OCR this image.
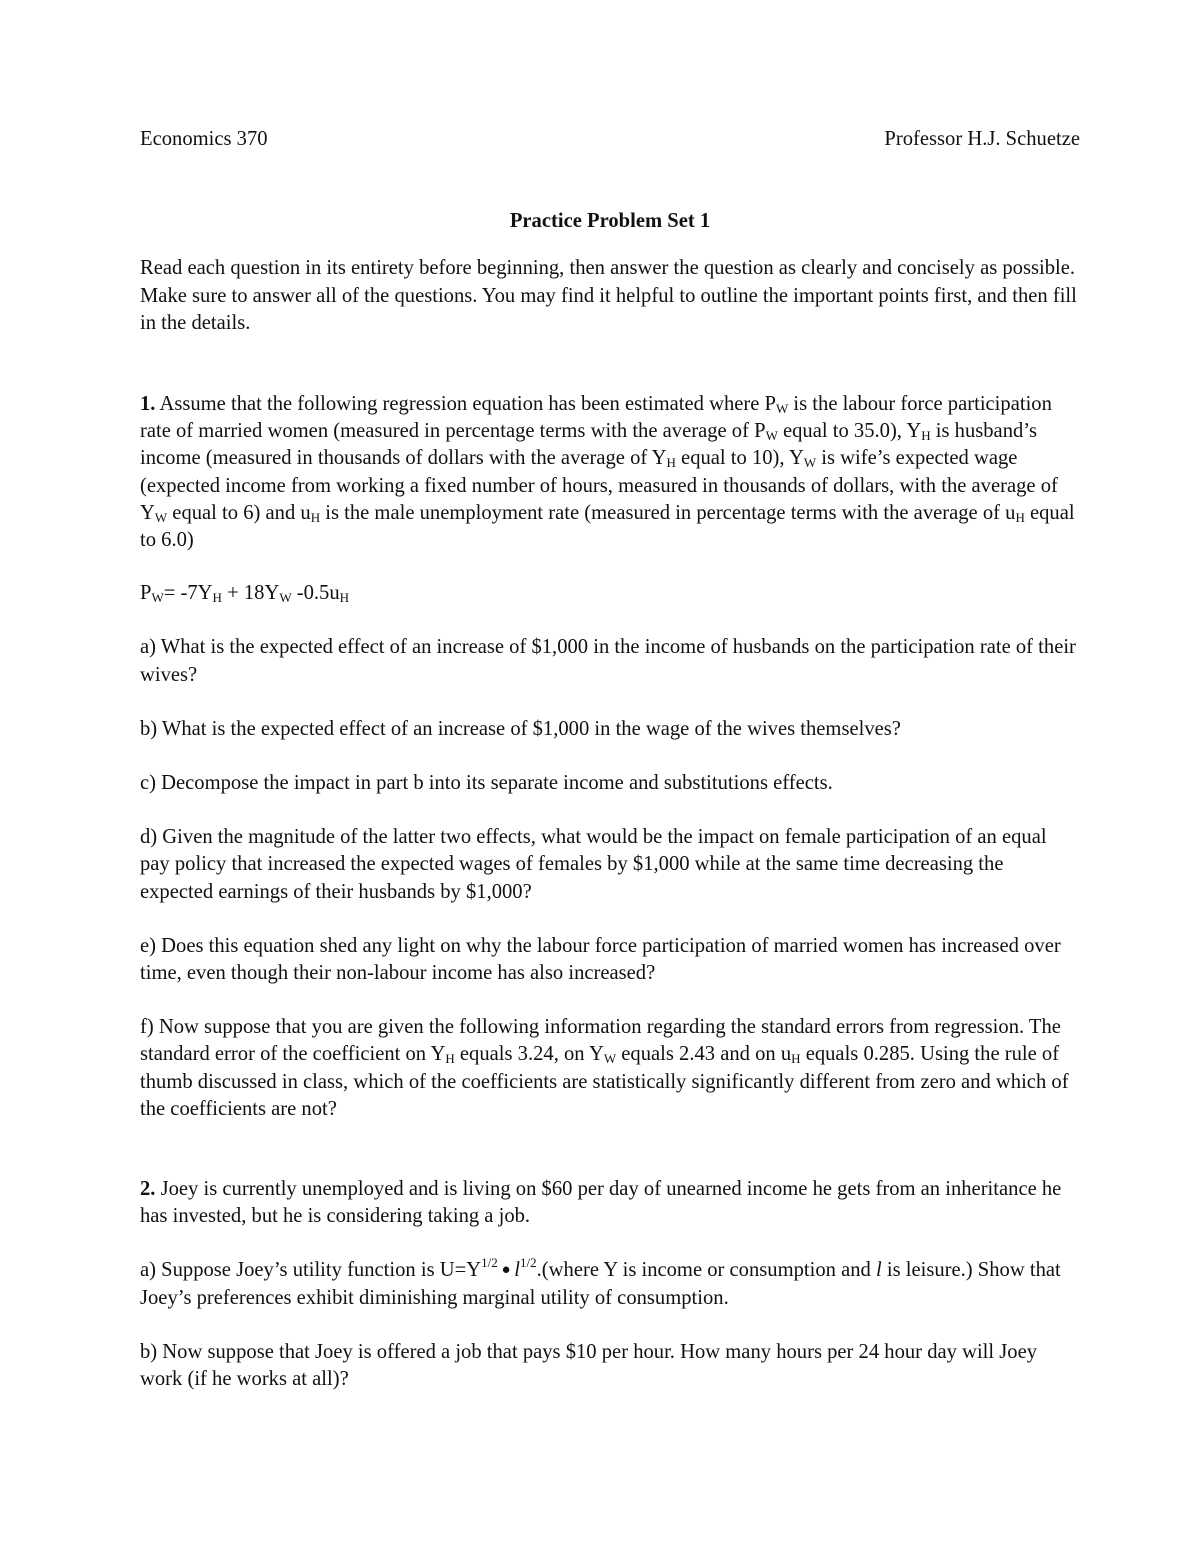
Economics 370	Professor H.J. Schuetze
Practice Problem Set 1

Read each question in its entirety before beginning, then answer the question as clearly and concisely as possible. Make sure to answer all of the questions. You may find it helpful to outline the important points first, and then fill in the details.

1. Assume that the following regression equation has been estimated where $P_W$ is the labour force participation rate of married women (measured in percentage terms with the average of $P_W$ equal to 35.0), $Y_H$ is husband’s income (measured in thousands of dollars with the average of $Y_H$ equal to 10), $Y_W$ is wife’s expected wage (expected income from working a fixed number of hours, measured in thousands of dollars, with the average of $Y_W$ equal to 6) and $u_H$ is the male unemployment rate (measured in percentage terms with the average of $u_H$ equal to 6.0)

$P_W= -7Y_H + 18Y_W$ $-0.5u_H$

a) What is the expected effect of an increase of $1,000 in the income of husbands on the participation rate of their wives?

b) What is the expected effect of an increase of $1,000 in the wage of the wives themselves?

c) Decompose the impact in part b into its separate income and substitutions effects.

d) Given the magnitude of the latter two effects, what would be the impact on female participation of an equal pay policy that increased the expected wages of females by $1,000 while at the same time decreasing the expected earnings of their husbands by $1,000?

e) Does this equation shed any light on why the labour force participation of married women has increased over time, even though their non-labour income has also increased?

f) Now suppose that you are given the following information regarding the standard errors from regression. The standard error of the coefficient on $Y_H$ equals 3.24, on $Y_W$ equals 2.43 and on $u_H$ equals 0.285. Using the rule of thumb discussed in class, which of the coefficients are statistically significantly different from zero and which of the coefficients are not?

2. Joey is currently unemployed and is living on $60 per day of unearned income he gets from an inheritance he has invested, but he is considering taking a job.

a) Suppose Joey’s utility function is $U=Y^{1/2}$ ● $l^{1/2}.(where$ Y is income or consumption and l is leisure.) Show that Joey’s preferences exhibit diminishing marginal utility of consumption.

b) Now suppose that Joey is offered a job that pays $10 per hour. How many hours per 24 hour day will Joey work (if he works at all)?
